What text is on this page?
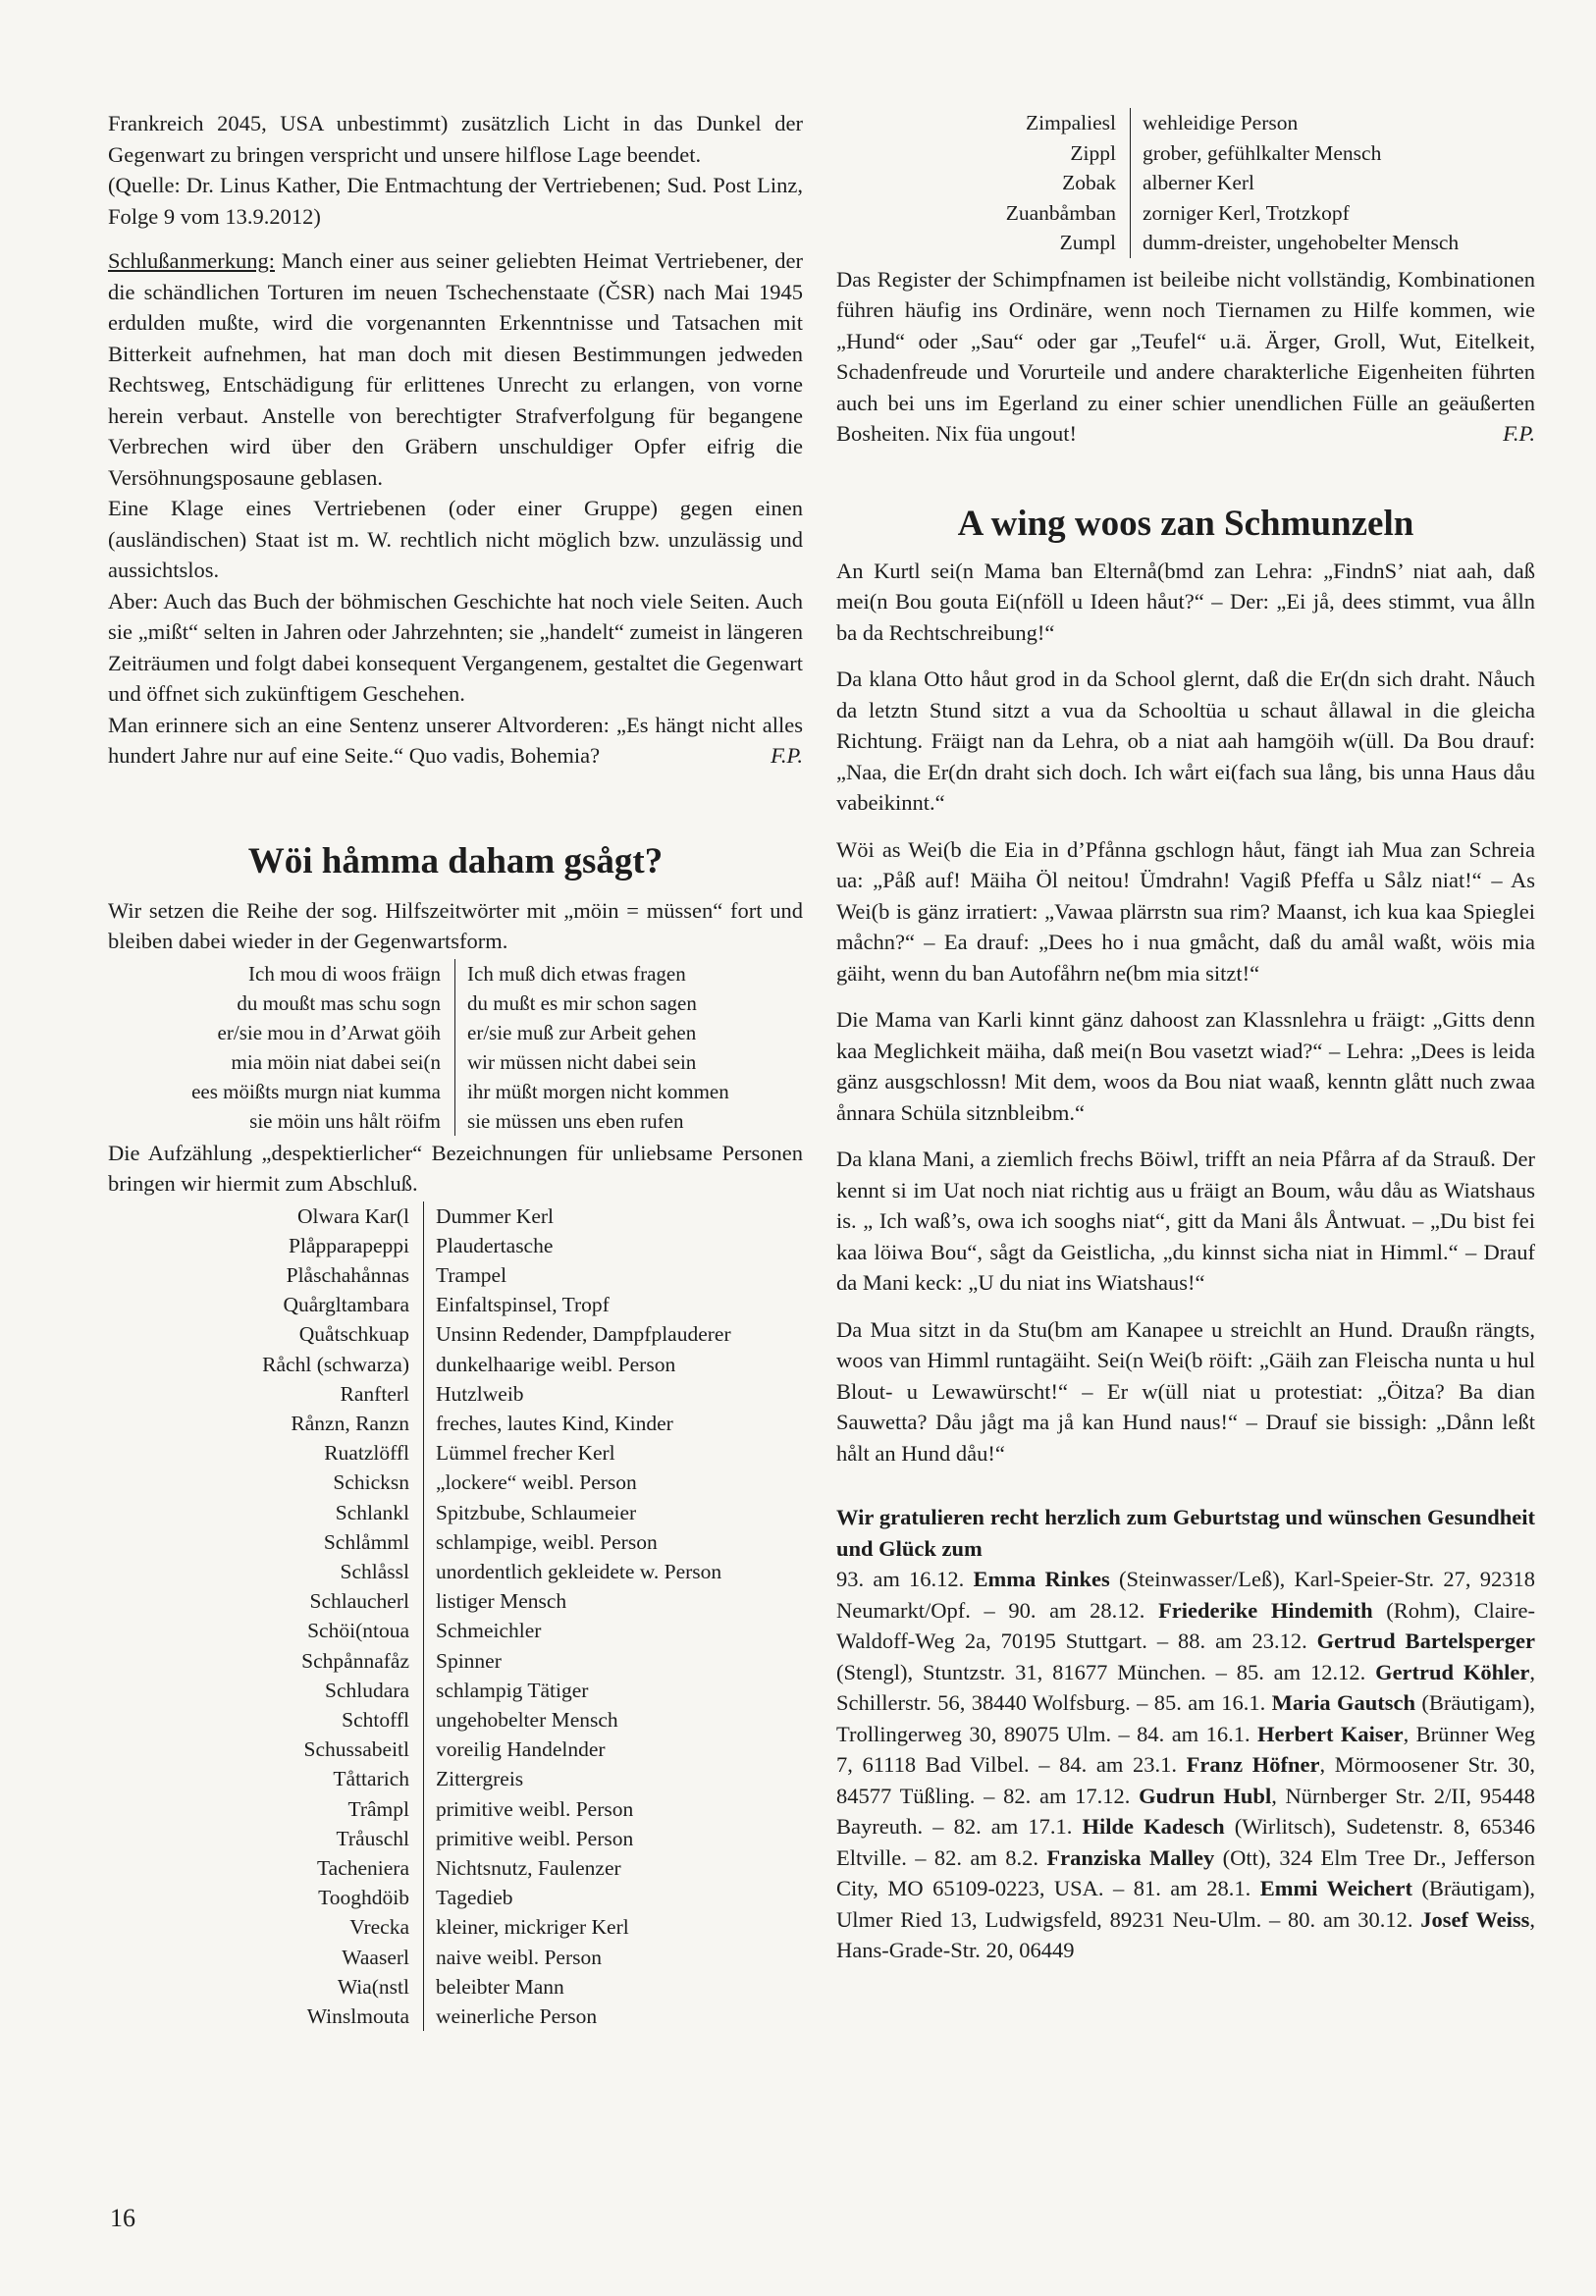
Frankreich 2045, USA unbestimmt) zusätzlich Licht in das Dunkel der Gegenwart zu bringen verspricht und unsere hilflose Lage beendet.

(Quelle: Dr. Linus Kather, Die Entmachtung der Vertriebenen; Sud. Post Linz, Folge 9 vom 13.9.2012)

Schlußanmerkung: Manch einer aus seiner geliebten Heimat Vertriebener, der die schändlichen Torturen im neuen Tschechenstaate (ČSR) nach Mai 1945 erdulden mußte, wird die vorgenannten Erkenntnisse und Tatsachen mit Bitterkeit aufnehmen, hat man doch mit diesen Bestimmungen jedweden Rechtsweg, Entschädigung für erlittenes Unrecht zu erlangen, von vorne herein verbaut. Anstelle von berechtigter Strafverfolgung für begangene Verbrechen wird über den Gräbern unschuldiger Opfer eifrig die Versöhnungsposaune geblasen.

Eine Klage eines Vertriebenen (oder einer Gruppe) gegen einen (ausländischen) Staat ist m. W. rechtlich nicht möglich bzw. unzulässig und aussichtslos.

Aber: Auch das Buch der böhmischen Geschichte hat noch viele Seiten. Auch sie „mißt“ selten in Jahren oder Jahrzehnten; sie „handelt“ zumeist in längeren Zeiträumen und folgt dabei konsequent Vergangenem, gestaltet die Gegenwart und öffnet sich zukünftigem Geschehen.

Man erinnere sich an eine Sentenz unserer Altvorderen: „Es hängt nicht alles hundert Jahre nur auf eine Seite.“ Quo vadis, Bohemia?	F.P.

Wöi håmma daham gsågt?

Wir setzen die Reihe der sog. Hilfszeitwörter mit „möin = müssen“ fort und bleiben dabei wieder in der Gegenwartsform.

Ich mou di woos fräign	Ich muß dich etwas fragen
du moußt mas schu sogn	du mußt es mir schon sagen
er/sie mou in d’Arwat göih	er/sie muß zur Arbeit gehen
mia möin niat dabei sei(n	wir müssen nicht dabei sein
ees möißts murgn niat kumma	ihr müßt morgen nicht kommen
sie möin uns hålt röifm	sie müssen uns eben rufen

Die Aufzählung „despektierlicher“ Bezeichnungen für unliebsame Personen bringen wir hiermit zum Abschluß.

Olwara Kar(l	Dummer Kerl
Plåpparapeppi	Plaudertasche
Plåschahånnas	Trampel
Quårgltambara	Einfaltspinsel, Tropf
Quåtschkuap	Unsinn Redender, Dampfplauderer
Råchl (schwarza)	dunkelhaarige weibl. Person
Ranfterl	Hutzlweib
Rånzn, Ranzn	freches, lautes Kind, Kinder
Ruatzlöffl	Lümmel frecher Kerl
Schicksn	„lockere“ weibl. Person
Schlankl	Spitzbube, Schlaumeier
Schlåmml	schlampige, weibl. Person
Schlåssl	unordentlich gekleidete w. Person
Schlaucherl	listiger Mensch
Schöi(ntoua	Schmeichler
Schpånnafåz	Spinner
Schludara	schlampig Tätiger
Schtoffl	ungehobelter Mensch
Schussabeitl	voreilig Handelnder
Tåttarich	Zittergreis
Trâmpl	primitive weibl. Person
Tråuschl	primitive weibl. Person
Tacheniera	Nichtsnutz, Faulenzer
Tooghdöib	Tagedieb
Vrecka	kleiner, mickriger Kerl
Waaserl	naive weibl. Person
Wia(nstl	beleibter Mann
Winslmouta	weinerliche Person
Zimpaliesl	wehleidige Person
Zippl	grober, gefühlkalter Mensch
Zobak	alberner Kerl
Zuanbåmban	zorniger Kerl, Trotzkopf
Zumpl	dumm-dreister, ungehobelter Mensch

Das Register der Schimpfnamen ist beileibe nicht vollständig, Kombinationen führen häufig ins Ordinäre, wenn noch Tiernamen zu Hilfe kommen, wie „Hund“ oder „Sau“ oder gar „Teufel“ u.ä. Ärger, Groll, Wut, Eitelkeit, Schadenfreude und Vorurteile und andere charakterliche Eigenheiten führten auch bei uns im Egerland zu einer schier unendlichen Fülle an geäußerten Bosheiten. Nix füa ungout!	F.P.

A wing woos zan Schmunzeln

An Kurtl sei(n Mama ban Elternå(bmd zan Lehra: „FindnS’ niat aah, daß mei(n Bou gouta Ei(nföll u Ideen håut?“ – Der: „Ei jå, dees stimmt, vua ålln ba da Rechtschreibung!“

Da klana Otto håut grod in da School glernt, daß die Er(dn sich draht. Nåuch da letztn Stund sitzt a vua da Schooltüa u schaut ållawal in die gleicha Richtung. Fräigt nan da Lehra, ob a niat aah hamgöih w(üll. Da Bou drauf: „Naa, die Er(dn draht sich doch. Ich wårt ei(fach sua lång, bis unna Haus dåu vabeikinnt.“

Wöi as Wei(b die Eia in d’Pfånna gschlogn håut, fängt iah Mua zan Schreia ua: „Påß auf! Mäiha Öl neitou! Ümdrahn! Vagiß Pfeffa u Sålz niat!“ – As Wei(b is gänz irratiert: „Vawaa plärrstn sua rim? Maanst, ich kua kaa Spieglei måchn?“ – Ea drauf: „Dees ho i nua gmåcht, daß du amål waßt, wöis mia gäiht, wenn du ban Autofåhrn ne(bm mia sitzt!“

Die Mama van Karli kinnt gänz dahoost zan Klassnlehra u fräigt: „Gitts denn kaa Meglichkeit mäiha, daß mei(n Bou vasetzt wiad?“ – Lehra: „Dees is leida gänz ausgschlossn! Mit dem, woos da Bou niat waaß, kenntn glått nuch zwaa ånnara Schüla sitznbleibm.“

Da klana Mani, a ziemlich frechs Böiwl, trifft an neia Pfårra af da Strauß. Der kennt si im Uat noch niat richtig aus u fräigt an Boum, wåu dåu as Wiatshaus is. „ Ich waß’s, owa ich sooghs niat“, gitt da Mani åls Åntwuat. – „Du bist fei kaa löiwa Bou“, sågt da Geistlicha, „du kinnst sicha niat in Himml.“ – Drauf da Mani keck: „U du niat ins Wiatshaus!“

Da Mua sitzt in da Stu(bm am Kanapee u streichlt an Hund. Draußn rängts, woos van Himml runtagäiht. Sei(n Wei(b röift: „Gäih zan Fleischa nunta u hul Blout- u Lewawürscht!“ – Er w(üll niat u protestiat: „Öitza? Ba dian Sauwetta? Dåu jågt ma jå kan Hund naus!“ – Drauf sie bissigh: „Dånn leßt hålt an Hund dåu!“

Wir gratulieren recht herzlich zum Geburtstag und wünschen Gesundheit und Glück zum

93. am 16.12. Emma Rinkes (Steinwasser/Leß), Karl-Speier-Str. 27, 92318 Neumarkt/Opf. – 90. am 28.12. Friederike Hindemith (Rohm), Claire-Waldoff-Weg 2a, 70195 Stuttgart. – 88. am 23.12. Gertrud Bartelsperger (Stengl), Stuntzstr. 31, 81677 München. – 85. am 12.12. Gertrud Köhler, Schillerstr. 56, 38440 Wolfsburg. – 85. am 16.1. Maria Gautsch (Bräutigam), Trollingerweg 30, 89075 Ulm. – 84. am 16.1. Herbert Kaiser, Brünner Weg 7, 61118 Bad Vilbel. – 84. am 23.1. Franz Höfner, Mörmoosener Str. 30, 84577 Tüßling. – 82. am 17.12. Gudrun Hubl, Nürnberger Str. 2/II, 95448 Bayreuth. – 82. am 17.1. Hilde Kadesch (Wirlitsch), Sudetenstr. 8, 65346 Eltville. – 82. am 8.2. Franziska Malley (Ott), 324 Elm Tree Dr., Jefferson City, MO 65109-0223, USA. – 81. am 28.1. Emmi Weichert (Bräutigam), Ulmer Ried 13, Ludwigsfeld, 89231 Neu-Ulm. – 80. am 30.12. Josef Weiss, Hans-Grade-Str. 20, 06449

16
